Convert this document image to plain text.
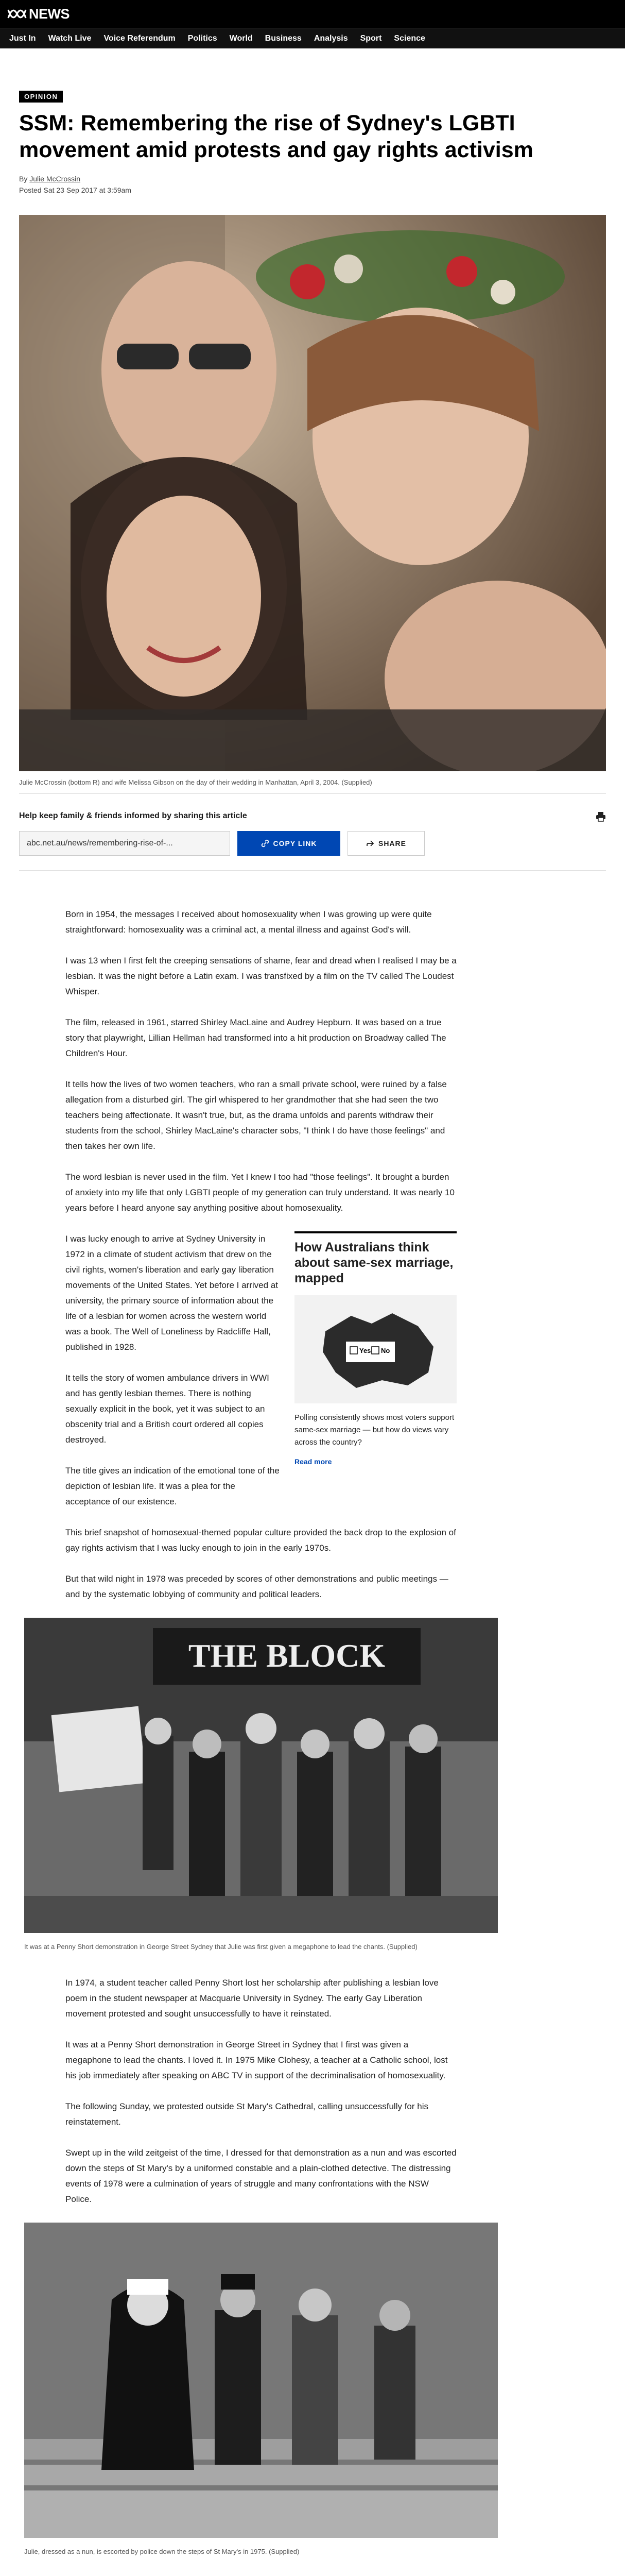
NEWS
Just In Watch Live Voice Referendum Politics World Business Analysis Sport Science
OPINION
SSM: Remembering the rise of Sydney's LGBTI movement amid protests and gay rights activism
By Julie McCrossin
Posted Sat 23 Sep 2017 at 3:59am
Julie McCrossin (bottom R) and wife Melissa Gibson on the day of their wedding in Manhattan, April 3, 2004. (Supplied)
Help keep family & friends informed by sharing this article
abc.net.au/news/remembering-rise-of-...
COPY LINK	SHARE

Born in 1954, the messages I received about homosexuality when I was growing up were quite straightforward: homosexuality was a criminal act, a mental illness and against God's will.

I was 13 when I first felt the creeping sensations of shame, fear and dread when I realised I may be a lesbian. It was the night before a Latin exam. I was transfixed by a film on the TV called The Loudest Whisper.

The film, released in 1961, starred Shirley MacLaine and Audrey Hepburn. It was based on a true story that playwright, Lillian Hellman had transformed into a hit production on Broadway called The Children's Hour.

It tells how the lives of two women teachers, who ran a small private school, were ruined by a false allegation from a disturbed girl. The girl whispered to her grandmother that she had seen the two teachers being affectionate. It wasn't true, but, as the drama unfolds and parents withdraw their students from the school, Shirley MacLaine's character sobs, "I think I do have those feelings" and then takes her own life.

The word lesbian is never used in the film. Yet I knew I too had "those feelings". It brought a burden of anxiety into my life that only LGBTI people of my generation can truly understand. It was nearly 10 years before I heard anyone say anything positive about homosexuality.

How Australians think about same-sex marriage, mapped
Yes No
Polling consistently shows most voters support same-sex marriage — but how do views vary across the country?
Read more

I was lucky enough to arrive at Sydney University in 1972 in a climate of student activism that drew on the civil rights, women's liberation and early gay liberation movements of the United States. Yet before I arrived at university, the primary source of information about the life of a lesbian for women across the western world was a book. The Well of Loneliness by Radcliffe Hall, published in 1928.

It tells the story of women ambulance drivers in WWI and has gently lesbian themes. There is nothing sexually explicit in the book, yet it was subject to an obscenity trial and a British court ordered all copies destroyed.

The title gives an indication of the emotional tone of the depiction of lesbian life. It was a plea for the acceptance of our existence.

This brief snapshot of homosexual-themed popular culture provided the back drop to the explosion of gay rights activism that I was lucky enough to join in the early 1970s.

But that wild night in 1978 was preceded by scores of other demonstrations and public meetings — and by the systematic lobbying of community and political leaders.

THE BLOCK
It was at a Penny Short demonstration in George Street Sydney that Julie was first given a megaphone to lead the chants. (Supplied)

In 1974, a student teacher called Penny Short lost her scholarship after publishing a lesbian love poem in the student newspaper at Macquarie University in Sydney. The early Gay Liberation movement protested and sought unsuccessfully to have it reinstated.

It was at a Penny Short demonstration in George Street in Sydney that I first was given a megaphone to lead the chants. I loved it. In 1975 Mike Clohesy, a teacher at a Catholic school, lost his job immediately after speaking on ABC TV in support of the decriminalisation of homosexuality.

The following Sunday, we protested outside St Mary's Cathedral, calling unsuccessfully for his reinstatement.

Swept up in the wild zeitgeist of the time, I dressed for that demonstration as a nun and was escorted down the steps of St Mary's by a uniformed constable and a plain-clothed detective. The distressing events of 1978 were a culmination of years of struggle and many confrontations with the NSW Police.

Julie, dressed as a nun, is escorted by police down the steps of St Mary's in 1975. (Supplied)
